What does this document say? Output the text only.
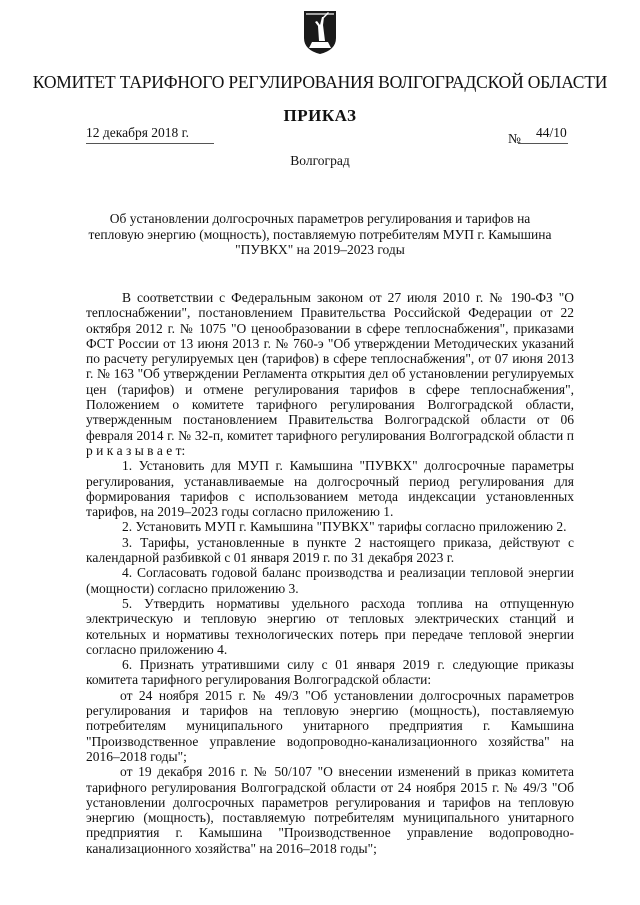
КОМИТЕТ ТАРИФНОГО РЕГУЛИРОВАНИЯ ВОЛГОГРАДСКОЙ ОБЛАСТИ
ПРИКАЗ
12 декабря 2018 г.	№ 44/10
Волгоград
Об установлении долгосрочных параметров регулирования и тарифов на тепловую энергию (мощность), поставляемую потребителям МУП г. Камышина "ПУВКХ" на 2019–2023 годы

В соответствии с Федеральным законом от 27 июля 2010 г. № 190-ФЗ "О теплоснабжении", постановлением Правительства Российской Федерации от 22 октября 2012 г. № 1075 "О ценообразовании в сфере теплоснабжения", приказами ФСТ России от 13 июня 2013 г. № 760-э "Об утверждении Методических указаний по расчету регулируемых цен (тарифов) в сфере теплоснабжения", от 07 июня 2013 г. № 163 "Об утверждении Регламента открытия дел об установлении регулируемых цен (тарифов) и отмене регулирования тарифов в сфере теплоснабжения", Положением о комитете тарифного регулирования Волгоградской области, утвержденным постановлением Правительства Волгоградской области от 06 февраля 2014 г. № 32-п, комитет тарифного регулирования Волгоградской области п р и к а з ы в а е т:

1. Установить для МУП г. Камышина "ПУВКХ" долгосрочные параметры регулирования, устанавливаемые на долгосрочный период регулирования для формирования тарифов с использованием метода индексации установленных тарифов, на 2019–2023 годы согласно приложению 1.

2. Установить МУП г. Камышина "ПУВКХ" тарифы согласно приложению 2.

3. Тарифы, установленные в пункте 2 настоящего приказа, действуют с календарной разбивкой с 01 января 2019 г. по 31 декабря 2023 г.

4. Согласовать годовой баланс производства и реализации тепловой энергии (мощности) согласно приложению 3.

5. Утвердить нормативы удельного расхода топлива на отпущенную электрическую и тепловую энергию от тепловых электрических станций и котельных и нормативы технологических потерь при передаче тепловой энергии согласно приложению 4.

6. Признать утратившими силу с 01 января 2019 г. следующие приказы комитета тарифного регулирования Волгоградской области:

от 24 ноября 2015 г. № 49/3 "Об установлении долгосрочных параметров регулирования и тарифов на тепловую энергию (мощность), поставляемую потребителям муниципального унитарного предприятия г. Камышина "Производственное управление водопроводно-канализационного хозяйства" на 2016–2018 годы";

от 19 декабря 2016 г. № 50/107 "О внесении изменений в приказ комитета тарифного регулирования Волгоградской области от 24 ноября 2015 г. № 49/3 "Об установлении долгосрочных параметров регулирования и тарифов на тепловую энергию (мощность), поставляемую потребителям муниципального унитарного предприятия г. Камышина "Производственное управление водопроводно-канализационного хозяйства" на 2016–2018 годы";
